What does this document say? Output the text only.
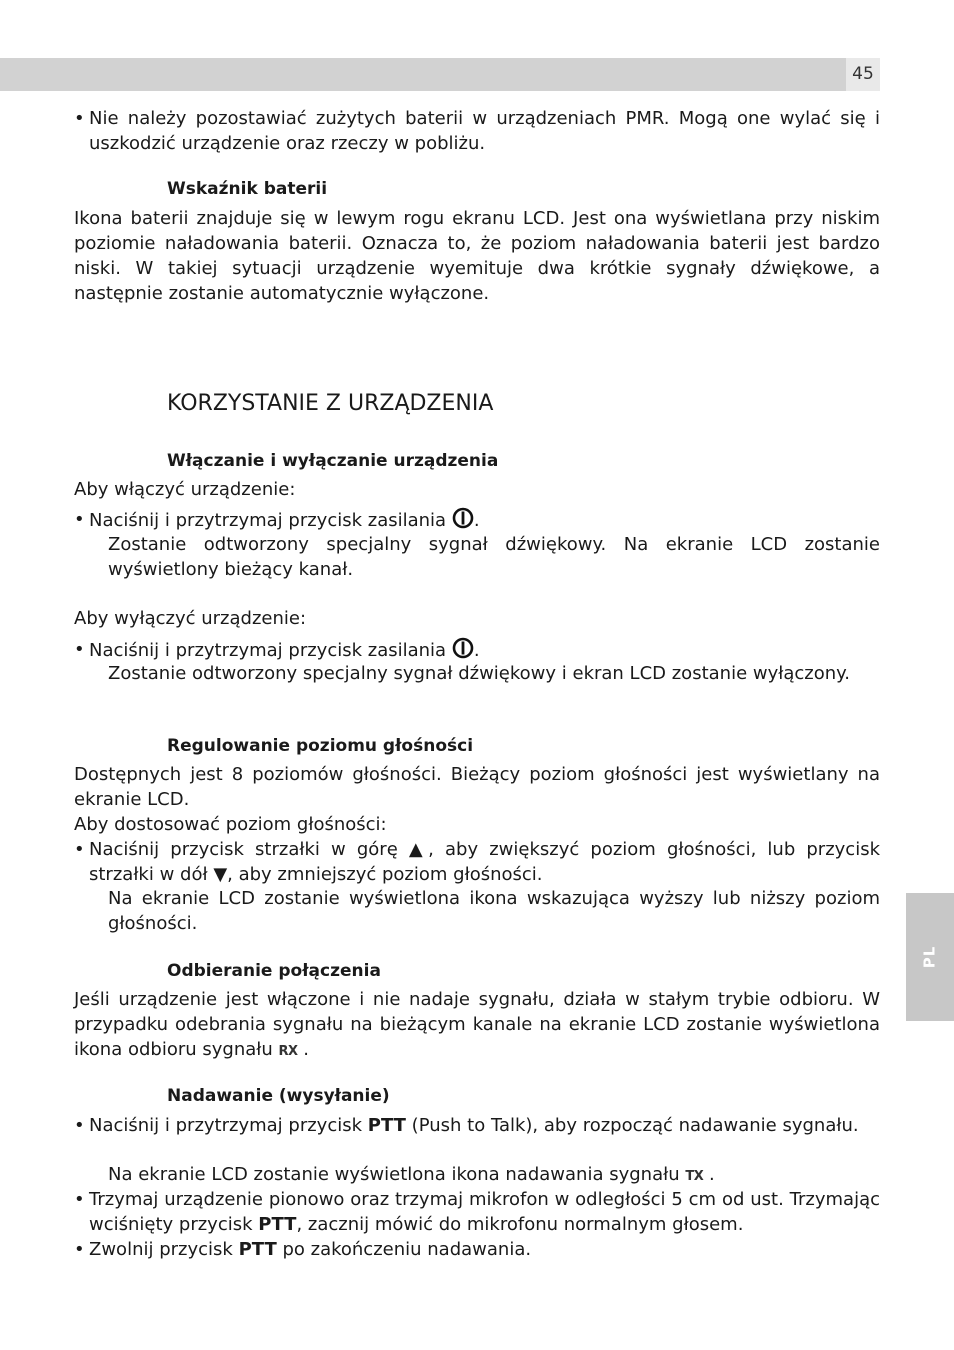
45
PL

• Nie należy pozostawiać zużytych baterii w urządzeniach PMR. Mogą one wylać się i uszkodzić urządzenie oraz rzeczy w pobliżu.

Wskaźnik baterii

Ikona baterii znajduje się w lewym rogu ekranu LCD. Jest ona wyświetlana przy niskim poziomie naładowania baterii. Oznacza to, że poziom naładowania baterii jest bardzo niski. W takiej sytuacji urządzenie wyemituje dwa krótkie sygnały dźwiękowe, a następnie zostanie automatycznie wyłączone.

KORZYSTANIE Z URZĄDZENIA

Włączanie i wyłączanie urządzenia

Aby włączyć urządzenie:

• Naciśnij i przytrzymaj przycisk zasilania .

Zostanie odtworzony specjalny sygnał dźwiękowy. Na ekranie LCD zostanie wyświetlony bieżący kanał.

Aby wyłączyć urządzenie:

• Naciśnij i przytrzymaj przycisk zasilania .

Zostanie odtworzony specjalny sygnał dźwiękowy i ekran LCD zostanie wyłączony.

Regulowanie poziomu głośności

Dostępnych jest 8 poziomów głośności. Bieżący poziom głośności jest wyświetlany na ekranie LCD.

Aby dostosować poziom głośności:

• Naciśnij przycisk strzałki w górę ▲, aby zwiększyć poziom głośności, lub przycisk strzałki w dół ▼, aby zmniejszyć poziom głośności.

Na ekranie LCD zostanie wyświetlona ikona wskazująca wyższy lub niższy poziom głośności.

Odbieranie połączenia

Jeśli urządzenie jest włączone i nie nadaje sygnału, działa w stałym trybie odbioru. W przypadku odebrania sygnału na bieżącym kanale na ekranie LCD zostanie wyświetlona ikona odbioru sygnału RX .

Nadawanie (wysyłanie)

• Naciśnij i przytrzymaj przycisk PTT (Push to Talk), aby rozpocząć nadawanie sygnału.

Na ekranie LCD zostanie wyświetlona ikona nadawania sygnału TX .

• Trzymaj urządzenie pionowo oraz trzymaj mikrofon w odległości 5 cm od ust. Trzymając wciśnięty przycisk PTT, zacznij mówić do mikrofonu normalnym głosem.

• Zwolnij przycisk PTT po zakończeniu nadawania.
